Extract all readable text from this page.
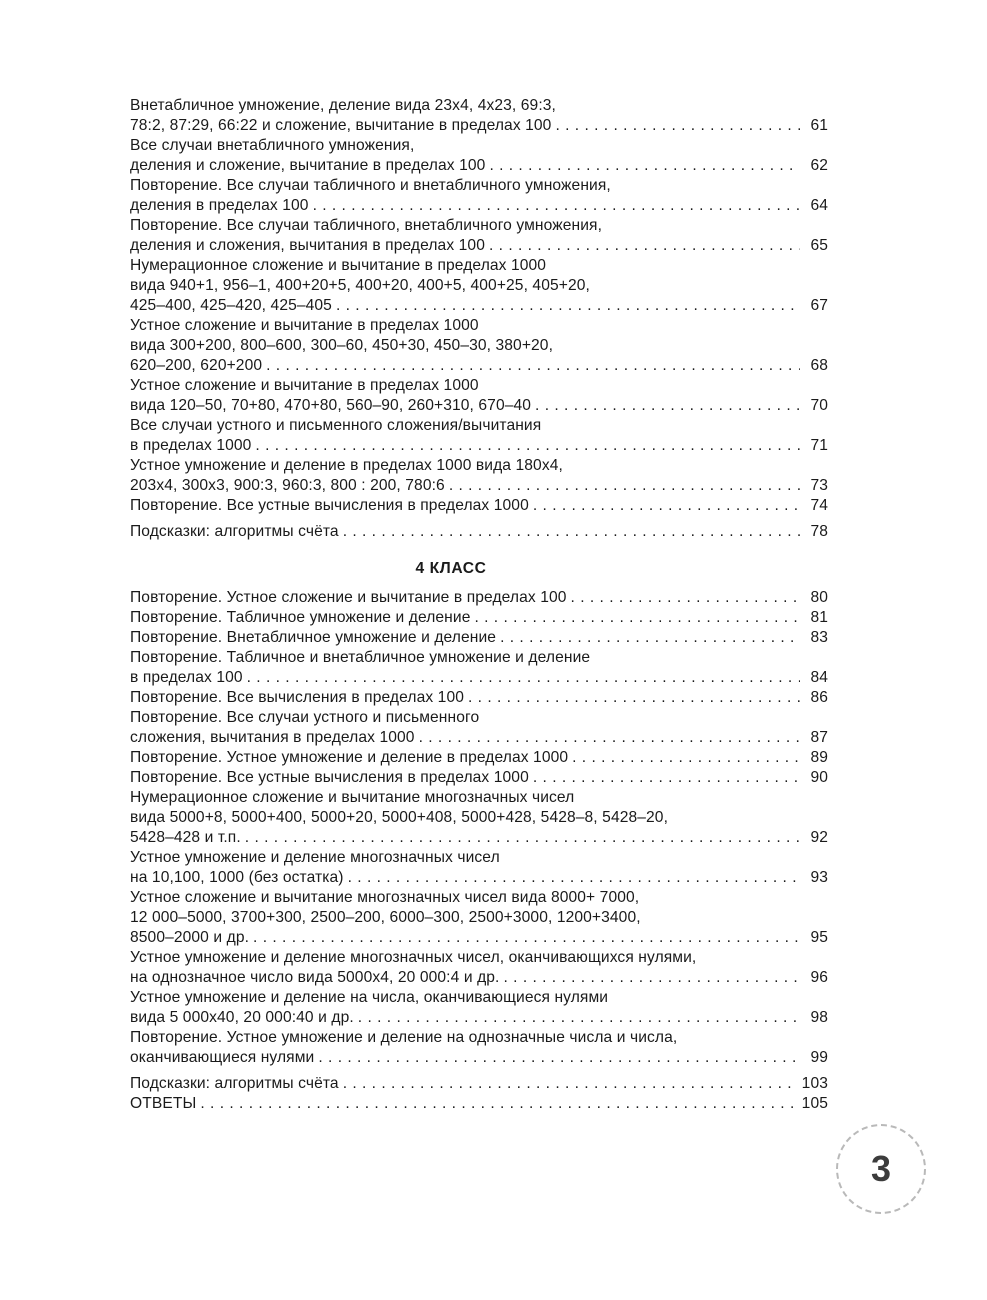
Внетабличное умножение, деление вида 23х4, 4х23, 69:3,
78:2, 87:29, 66:22 и сложение, вычитание в пределах 100 . . .	61
Все случаи внетабличного умножения,
деления и сложение, вычитание в пределах 100 . . .	62
Повторение. Все случаи табличного и внетабличного умножения,
деления в пределах 100 . . .	64
Повторение. Все случаи табличного, внетабличного умножения,
деления и сложения, вычитания в пределах 100 . . .	65
Нумерационное сложение и вычитание в пределах 1000
вида 940+1, 956–1, 400+20+5, 400+20, 400+5, 400+25, 405+20,
425–400, 425–420, 425–405 . . .	67
Устное сложение и вычитание в пределах 1000
вида 300+200, 800–600, 300–60, 450+30, 450–30, 380+20,
620–200, 620+200 . . .	68
Устное сложение и вычитание в пределах 1000
вида 120–50, 70+80, 470+80, 560–90, 260+310, 670–40 . . .	70
Все случаи устного и письменного сложения/вычитания
в пределах 1000 . . .	71
Устное умножение и деление в пределах 1000 вида 180х4,
203х4, 300х3, 900:3, 960:3, 800 : 200, 780:6 . . .	73
Повторение. Все устные вычисления в пределах 1000 . . .	74
Подсказки: алгоритмы счёта . . .	78
4 КЛАСС
Повторение. Устное сложение и вычитание в пределах 100 . . .	80
Повторение. Табличное умножение и деление . . .	81
Повторение. Внетабличное умножение и деление . . .	83
Повторение. Табличное и внетабличное умножение и деление
в пределах 100 . . .	84
Повторение. Все вычисления в пределах 100 . . .	86
Повторение. Все случаи устного и письменного
сложения, вычитания в пределах 1000 . . .	87
Повторение. Устное умножение и деление в пределах 1000 . . .	89
Повторение. Все устные вычисления в пределах 1000 . . .	90
Нумерационное сложение и вычитание многозначных чисел
вида 5000+8, 5000+400, 5000+20, 5000+408, 5000+428, 5428–8, 5428–20,
5428–428 и т.п. . . .	92
Устное умножение и деление многозначных чисел
на 10,100, 1000 (без остатка) . . .	93
Устное сложение и вычитание многозначных чисел вида 8000+ 7000,
12 000–5000, 3700+300, 2500–200, 6000–300, 2500+3000, 1200+3400,
8500–2000 и др. . . .	95
Устное умножение и деление многозначных чисел, оканчивающихся нулями,
на однозначное число вида 5000х4, 20 000:4 и др. . . .	96
Устное умножение и деление на числа, оканчивающиеся нулями
вида 5 000х40, 20 000:40 и др. . . .	98
Повторение. Устное умножение и деление на однозначные числа и числа,
оканчивающиеся нулями . . .	99
Подсказки: алгоритмы счёта . . .	103
ОТВЕТЫ . . .	105
3
